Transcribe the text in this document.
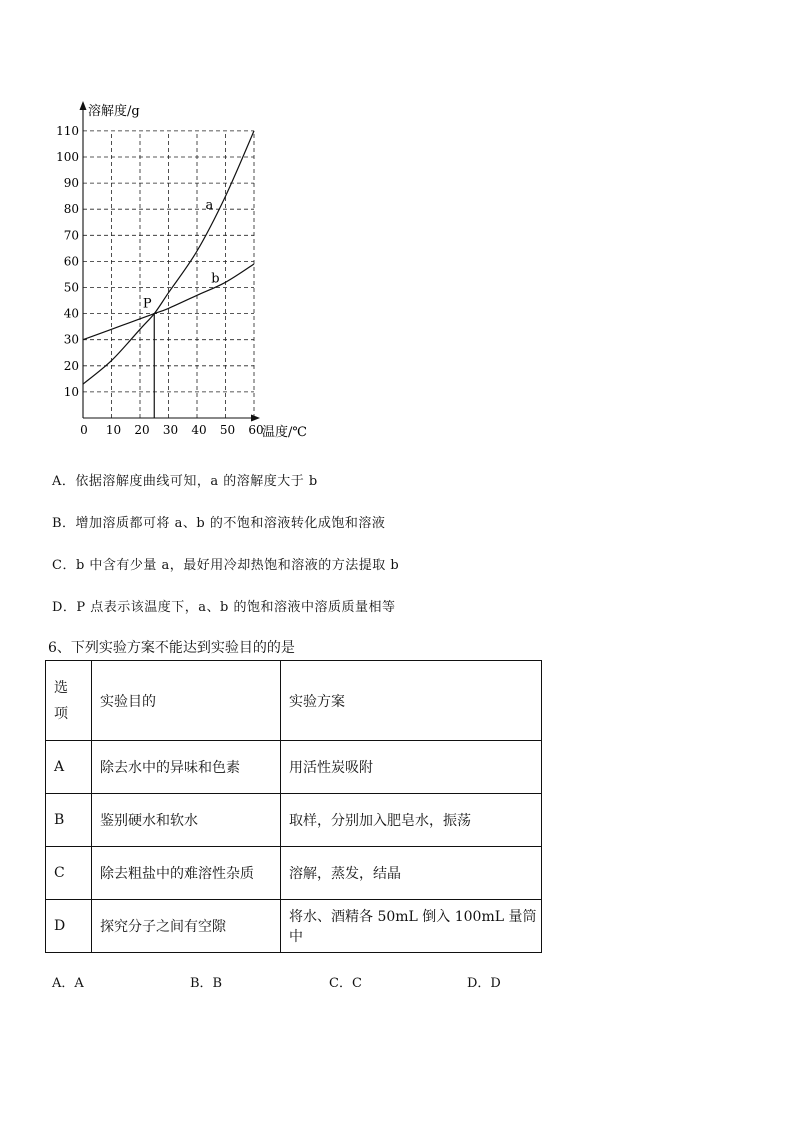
10
20
30
40
50
60
70
80
90
100
110
0 10 20 30 40 50 60
a
b
P
溶解度/g
温度/℃
A．依据溶解度曲线可知，a 的溶解度大于 b
B．增加溶质都可将 a、b 的不饱和溶液转化成饱和溶液
C．b 中含有少量 a，最好用冷却热饱和溶液的方法提取 b
D．P 点表示该温度下，a、b 的饱和溶液中溶质质量相等
6、下列实验方案不能达到实验目的的是
选
项	实验目的	实验方案
A	除去水中的异味和色素	用活性炭吸附
B	鉴别硬水和软水	取样，分别加入肥皂水，振荡
C	除去粗盐中的难溶性杂质	溶解，蒸发，结晶
D	探究分子之间有空隙	将水、酒精各 50mL 倒入 100mL 量筒中
A．A	B．B	C．C	D．D
